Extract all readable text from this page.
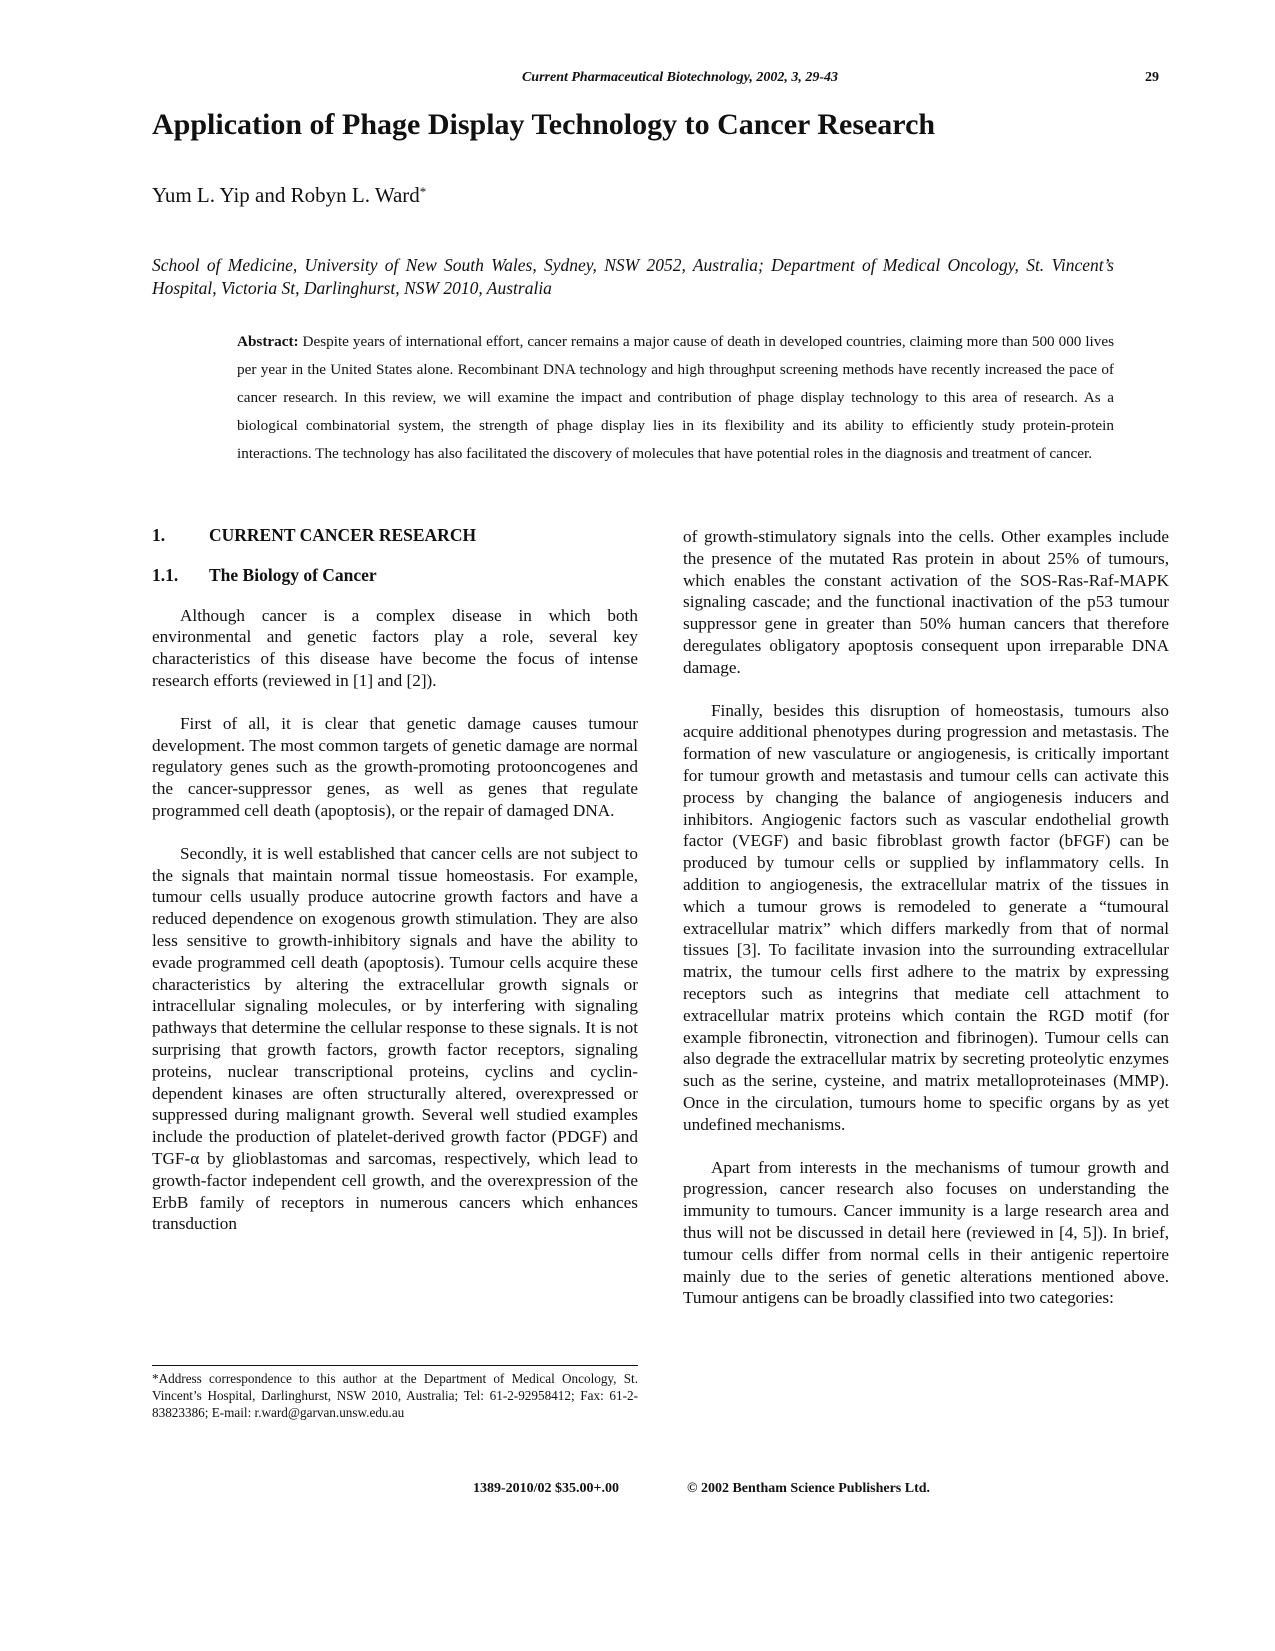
Current Pharmaceutical Biotechnology, 2002, 3, 29-43	29
Application of Phage Display Technology to Cancer Research
Yum L. Yip and Robyn L. Ward*
School of Medicine, University of New South Wales, Sydney, NSW 2052, Australia; Department of Medical Oncology, St. Vincent’s Hospital, Victoria St, Darlinghurst, NSW 2010, Australia
Abstract: Despite years of international effort, cancer remains a major cause of death in developed countries, claiming more than 500 000 lives per year in the United States alone. Recombinant DNA technology and high throughput screening methods have recently increased the pace of cancer research. In this review, we will examine the impact and contribution of phage display technology to this area of research. As a biological combinatorial system, the strength of phage display lies in its flexibility and its ability to efficiently study protein-protein interactions. The technology has also facilitated the discovery of molecules that have potential roles in the diagnosis and treatment of cancer.
1.	CURRENT CANCER RESEARCH
1.1. The Biology of Cancer

Although cancer is a complex disease in which both environmental and genetic factors play a role, several key characteristics of this disease have become the focus of intense research efforts (reviewed in [1] and [2]).

First of all, it is clear that genetic damage causes tumour development. The most common targets of genetic damage are normal regulatory genes such as the growth-promoting protooncogenes and the cancer-suppressor genes, as well as genes that regulate programmed cell death (apoptosis), or the repair of damaged DNA.

Secondly, it is well established that cancer cells are not subject to the signals that maintain normal tissue homeostasis. For example, tumour cells usually produce autocrine growth factors and have a reduced dependence on exogenous growth stimulation. They are also less sensitive to growth-inhibitory signals and have the ability to evade programmed cell death (apoptosis). Tumour cells acquire these characteristics by altering the extracellular growth signals or intracellular signaling molecules, or by interfering with signaling pathways that determine the cellular response to these signals. It is not surprising that growth factors, growth factor receptors, signaling proteins, nuclear transcriptional proteins, cyclins and cyclin-dependent kinases are often structurally altered, overexpressed or suppressed during malignant growth. Several well studied examples include the production of platelet-derived growth factor (PDGF) and TGF-α by glioblastomas and sarcomas, respectively, which lead to growth-factor independent cell growth, and the overexpression of the ErbB family of receptors in numerous cancers which enhances transduction

of growth-stimulatory signals into the cells. Other examples include the presence of the mutated Ras protein in about 25% of tumours, which enables the constant activation of the SOS-Ras-Raf-MAPK signaling cascade; and the functional inactivation of the p53 tumour suppressor gene in greater than 50% human cancers that therefore deregulates obligatory apoptosis consequent upon irreparable DNA damage.

Finally, besides this disruption of homeostasis, tumours also acquire additional phenotypes during progression and metastasis. The formation of new vasculature or angiogenesis, is critically important for tumour growth and metastasis and tumour cells can activate this process by changing the balance of angiogenesis inducers and inhibitors. Angiogenic factors such as vascular endothelial growth factor (VEGF) and basic fibroblast growth factor (bFGF) can be produced by tumour cells or supplied by inflammatory cells. In addition to angiogenesis, the extracellular matrix of the tissues in which a tumour grows is remodeled to generate a “tumoural extracellular matrix” which differs markedly from that of normal tissues [3]. To facilitate invasion into the surrounding extracellular matrix, the tumour cells first adhere to the matrix by expressing receptors such as integrins that mediate cell attachment to extracellular matrix proteins which contain the RGD motif (for example fibronectin, vitronection and fibrinogen). Tumour cells can also degrade the extracellular matrix by secreting proteolytic enzymes such as the serine, cysteine, and matrix metalloproteinases (MMP). Once in the circulation, tumours home to specific organs by as yet undefined mechanisms.

Apart from interests in the mechanisms of tumour growth and progression, cancer research also focuses on understanding the immunity to tumours. Cancer immunity is a large research area and thus will not be discussed in detail here (reviewed in [4, 5]). In brief, tumour cells differ from normal cells in their antigenic repertoire mainly due to the series of genetic alterations mentioned above. Tumour antigens can be broadly classified into two categories:

*Address correspondence to this author at the Department of Medical Oncology, St. Vincent’s Hospital, Darlinghurst, NSW 2010, Australia; Tel: 61-2-92958412; Fax: 61-2-83823386; E-mail: r.ward@garvan.unsw.edu.au
1389-2010/02 $35.00+.00	© 2002 Bentham Science Publishers Ltd.
